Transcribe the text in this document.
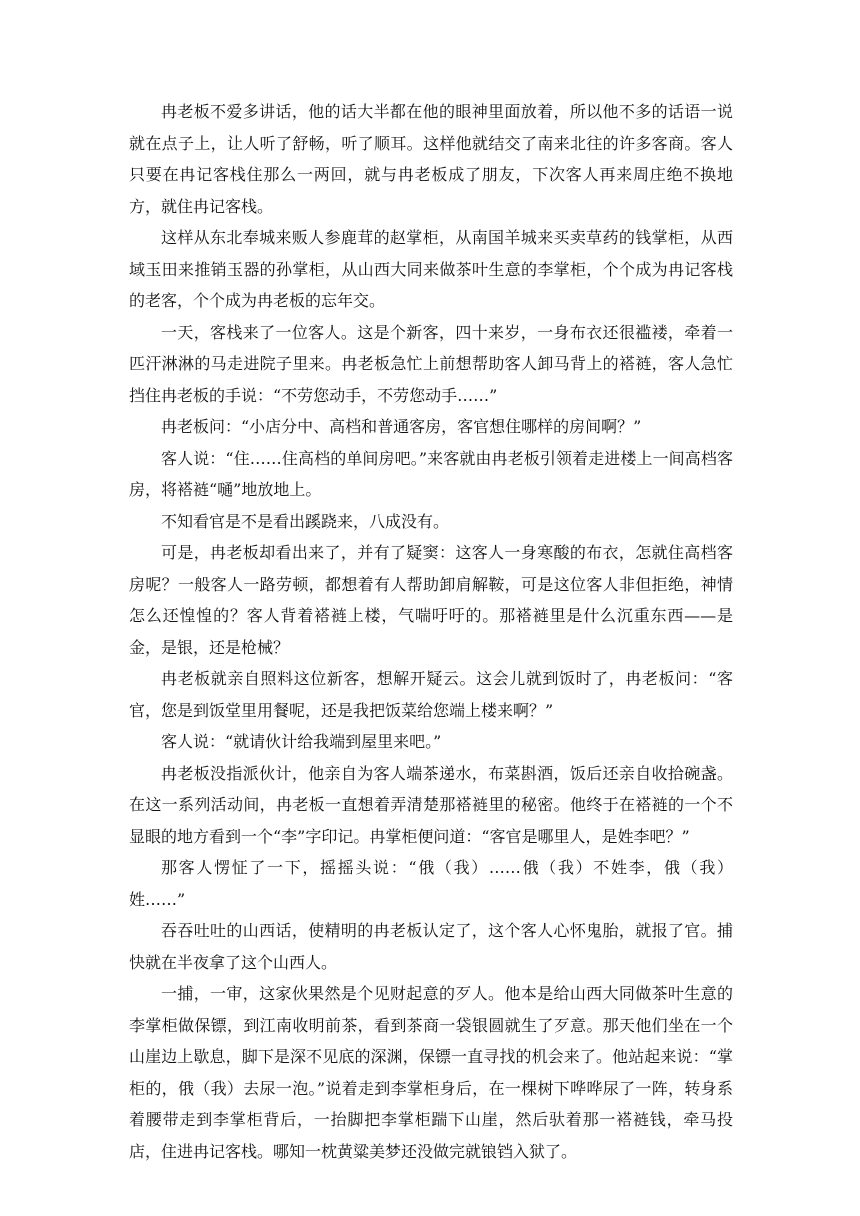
冉老板不爱多讲话，他的话大半都在他的眼神里面放着，所以他不多的话语一说就在点子上，让人听了舒畅，听了顺耳。这样他就结交了南来北往的许多客商。客人只要在冉记客栈住那么一两回，就与冉老板成了朋友，下次客人再来周庄绝不换地方，就住冉记客栈。

这样从东北奉城来贩人参鹿茸的赵掌柜，从南国羊城来买卖草药的钱掌柜，从西域玉田来推销玉器的孙掌柜，从山西大同来做茶叶生意的李掌柜，个个成为冉记客栈的老客，个个成为冉老板的忘年交。

一天，客栈来了一位客人。这是个新客，四十来岁，一身布衣还很褴褛，牵着一匹汗淋淋的马走进院子里来。冉老板急忙上前想帮助客人卸马背上的褡裢，客人急忙挡住冉老板的手说：“不劳您动手，不劳您动手……”

冉老板问：“小店分中、高档和普通客房，客官想住哪样的房间啊？”

客人说：“住……住高档的单间房吧。”来客就由冉老板引领着走进楼上一间高档客房，将褡裢“嗵”地放地上。

不知看官是不是看出蹊跷来，八成没有。

可是，冉老板却看出来了，并有了疑窦：这客人一身寒酸的布衣，怎就住高档客房呢？一般客人一路劳顿，都想着有人帮助卸肩解鞍，可是这位客人非但拒绝，神情怎么还惶惶的？客人背着褡裢上楼，气喘吁吁的。那褡裢里是什么沉重东西——是金，是银，还是枪械？

冉老板就亲自照料这位新客，想解开疑云。这会儿就到饭时了，冉老板问：“客官，您是到饭堂里用餐呢，还是我把饭菜给您端上楼来啊？”

客人说：“就请伙计给我端到屋里来吧。”

冉老板没指派伙计，他亲自为客人端茶递水，布菜斟酒，饭后还亲自收拾碗盏。在这一系列活动间，冉老板一直想着弄清楚那褡裢里的秘密。他终于在褡裢的一个不显眼的地方看到一个“李”字印记。冉掌柜便问道：“客官是哪里人，是姓李吧？”

那客人愣怔了一下，摇摇头说：“俄（我）……俄（我）不姓李，俄（我）姓……”

吞吞吐吐的山西话，使精明的冉老板认定了，这个客人心怀鬼胎，就报了官。捕快就在半夜拿了这个山西人。

一捕，一审，这家伙果然是个见财起意的歹人。他本是给山西大同做茶叶生意的李掌柜做保镖，到江南收明前茶，看到茶商一袋银圆就生了歹意。那天他们坐在一个山崖边上歇息，脚下是深不见底的深渊，保镖一直寻找的机会来了。他站起来说：“掌柜的，俄（我）去尿一泡。”说着走到李掌柜身后，在一棵树下哗哗尿了一阵，转身系着腰带走到李掌柜背后，一抬脚把李掌柜踹下山崖，然后驮着那一褡裢钱，牵马投店，住进冉记客栈。哪知一枕黄粱美梦还没做完就锒铛入狱了。
